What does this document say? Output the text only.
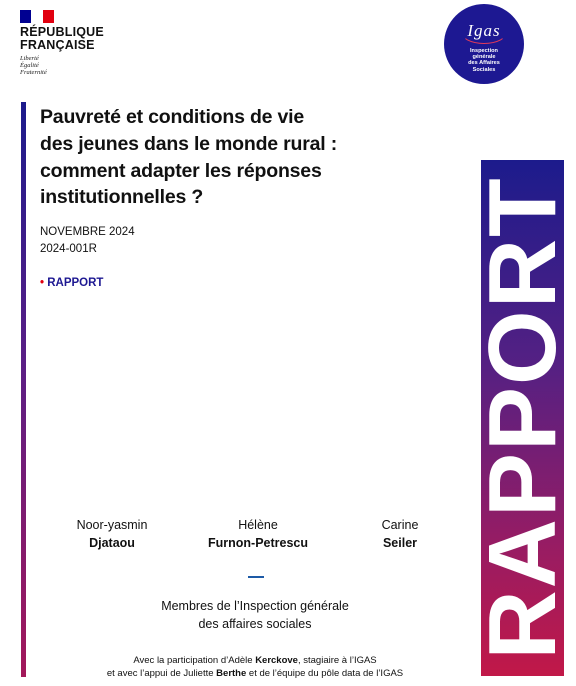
RÉPUBLIQUE
FRANÇAISE
Liberté
Égalité
Fraternité
Igas
Inspection
générale
des Affaires
Sociales
RAPPORT
Pauvreté et conditions de vie
des jeunes dans le monde rural :
comment adapter les réponses
institutionnelles ?
NOVEMBRE 2024
2024-001R
• RAPPORT
Noor-yasmin
Djataou
Hélène
Furnon-Petrescu
Carine
Seiler
Membres de l’Inspection générale
des affaires sociales
Avec la participation d’Adèle Kerckove, stagiaire à l’IGAS
et avec l’appui de Juliette Berthe et de l’équipe du pôle data de l’IGAS
